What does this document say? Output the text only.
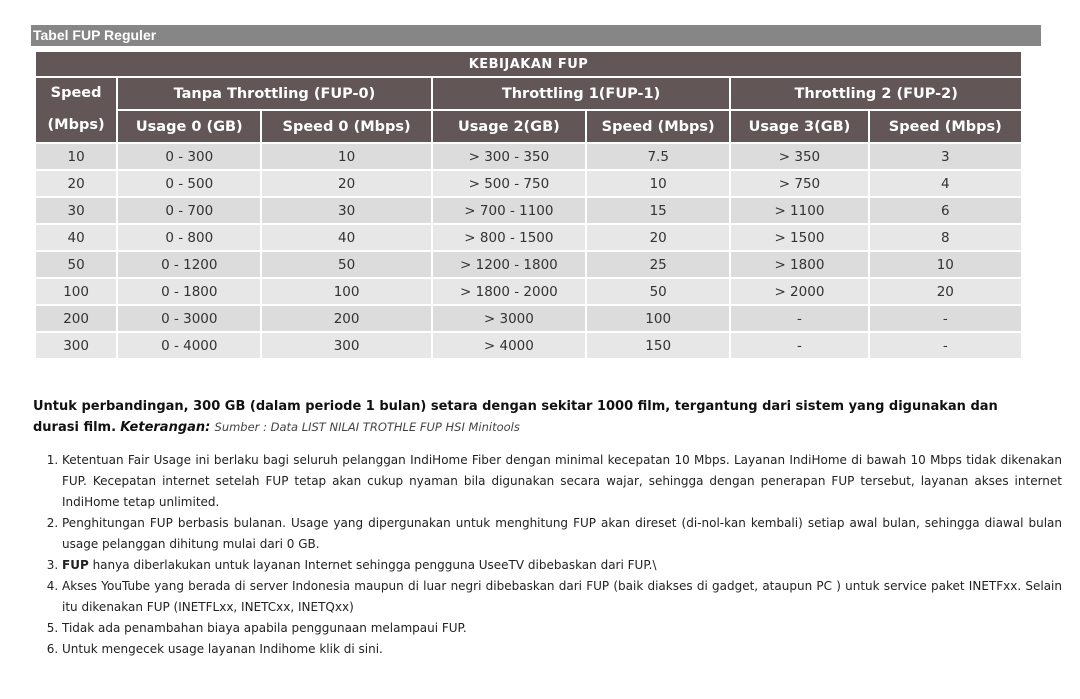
Tabel FUP Reguler
KEBIJAKAN FUP						

Speed
(Mbps)	Tanpa Throttling (FUP-0)		Throttling 1(FUP-1)		Throttling 2 (FUP-2)	
	Usage 0 (GB)	Speed 0 (Mbps)	Usage 2(GB)	Speed (Mbps)	Usage 3(GB)	Speed (Mbps)
10	0 - 300	10	> 300 - 350	7.5	> 350	3
20	0 - 500	20	> 500 - 750	10	> 750	4
30	0 - 700	30	> 700 - 1100	15	> 1100	6
40	0 - 800	40	> 800 - 1500	20	> 1500	8
50	0 - 1200	50	> 1200 - 1800	25	> 1800	10
100	0 - 1800	100	> 1800 - 2000	50	> 2000	20
200	0 - 3000	200	> 3000	100	-	-
300	0 - 4000	300	> 4000	150	-	-
Untuk perbandingan, 300 GB (dalam periode 1 bulan) setara dengan sekitar 1000 film, tergantung dari sistem yang digunakan dan durasi film. Keterangan: Sumber : Data LIST NILAI TROTHLE FUP HSI Minitools
1. Ketentuan Fair Usage ini berlaku bagi seluruh pelanggan IndiHome Fiber dengan minimal kecepatan 10 Mbps. Layanan IndiHome di bawah 10 Mbps tidak dikenakan FUP. Kecepatan internet setelah FUP tetap akan cukup nyaman bila digunakan secara wajar, sehingga dengan penerapan FUP tersebut, layanan akses internet IndiHome tetap unlimited.
2. Penghitungan FUP berbasis bulanan. Usage yang dipergunakan untuk menghitung FUP akan direset (di-nol-kan kembali) setiap awal bulan, sehingga diawal bulan usage pelanggan dihitung mulai dari 0 GB.
3. FUP hanya diberlakukan untuk layanan Internet sehingga pengguna UseeTV dibebaskan dari FUP.\
4. Akses YouTube yang berada di server Indonesia maupun di luar negri dibebaskan dari FUP (baik diakses di gadget, ataupun PC ) untuk service paket INETFxx. Selain itu dikenakan FUP (INETFLxx, INETCxx, INETQxx)
5. Tidak ada penambahan biaya apabila penggunaan melampaui FUP.
6. Untuk mengecek usage layanan Indihome klik di sini.
